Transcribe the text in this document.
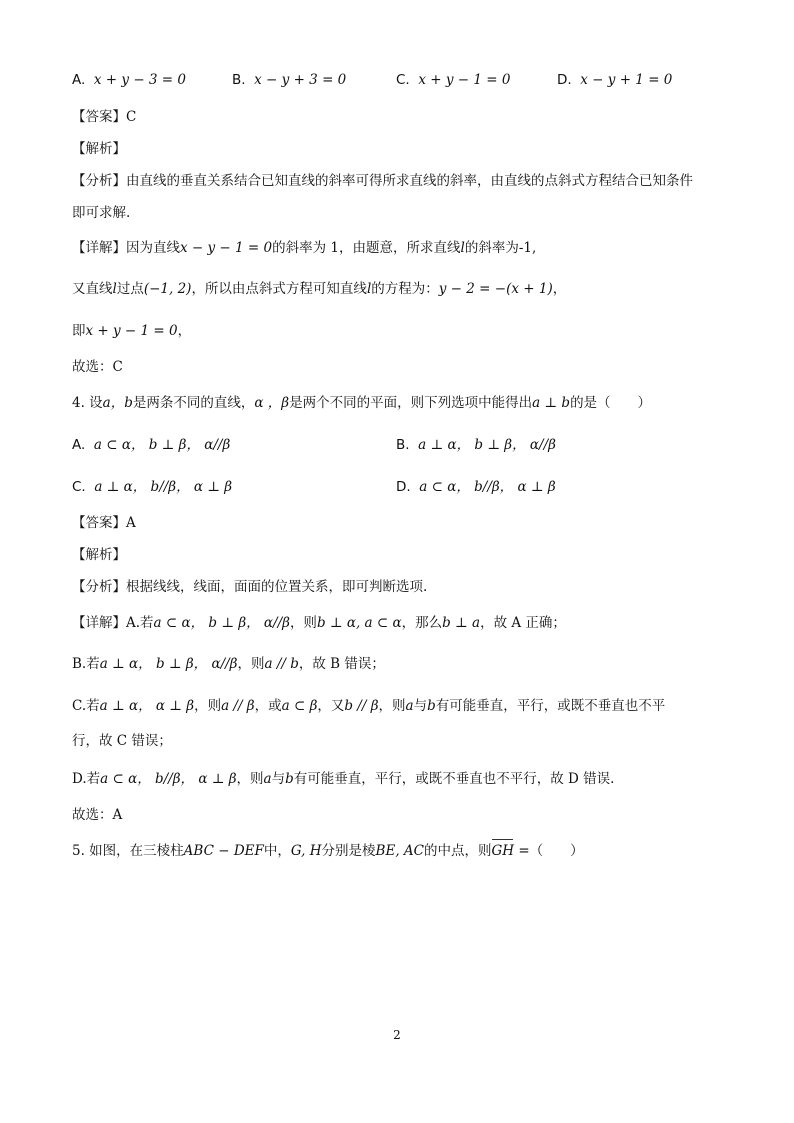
A. x + y − 3 = 0	B. x − y + 3 = 0	C. x + y − 1 = 0	D. x − y + 1 = 0
【答案】C
【解析】
【分析】由直线的垂直关系结合已知直线的斜率可得所求直线的斜率，由直线的点斜式方程结合已知条件
即可求解.
【详解】因为直线x − y − 1 = 0的斜率为 1，由题意，所求直线l的斜率为-1,
又直线l过点(−1, 2)，所以由点斜式方程可知直线l的方程为：y − 2 = −(x + 1)，
即x + y − 1 = 0，
故选：C
4. 设a，b是两条不同的直线，α ，β是两个不同的平面，则下列选项中能得出a ⊥ b的是（　　）
A. a ⊂ α， b ⊥ β， α//β	B. a ⊥ α， b ⊥ β， α//β
C. a ⊥ α， b//β， α ⊥ β	D. a ⊂ α， b//β， α ⊥ β
【答案】A
【解析】
【分析】根据线线，线面，面面的位置关系，即可判断选项.
【详解】A.若a ⊂ α， b ⊥ β， α//β，则b ⊥ α, a ⊂ α，那么b ⊥ a，故 A 正确；
B.若a ⊥ α， b ⊥ β， α//β，则a // b，故 B 错误；
C.若a ⊥ α， α ⊥ β，则a // β，或a ⊂ β，又b // β，则a与b有可能垂直，平行，或既不垂直也不平
行，故 C 错误；
D.若a ⊂ α， b//β， α ⊥ β，则a与b有可能垂直，平行，或既不垂直也不平行，故 D 错误.
故选：A
5. 如图，在三棱柱ABC − DEF中，G, H分别是棱BE, AC的中点，则GH =（　　）
2
